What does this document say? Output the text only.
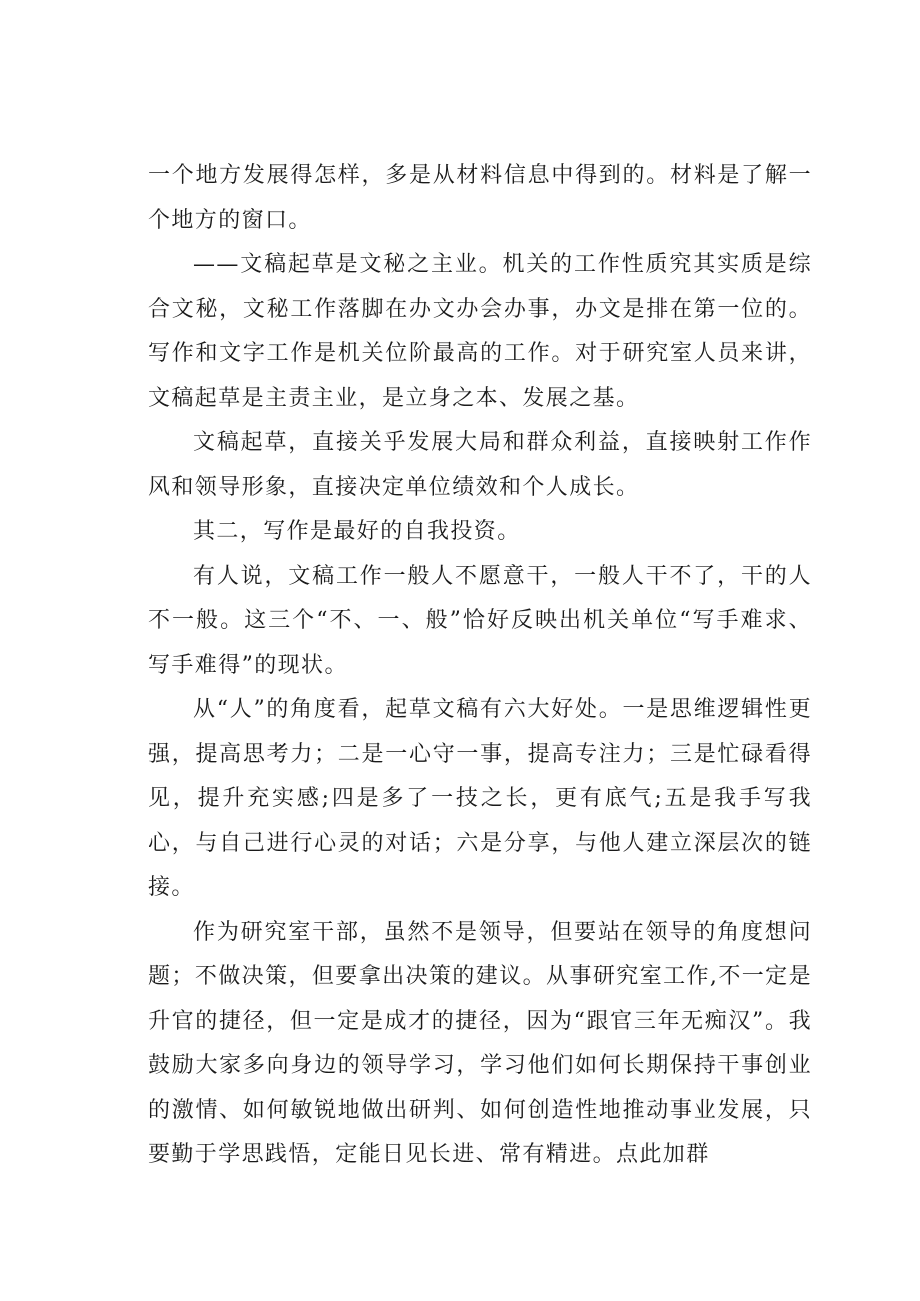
一个地方发展得怎样，多是从材料信息中得到的。材料是了解一个地方的窗口。

——文稿起草是文秘之主业。机关的工作性质究其实质是综合文秘，文秘工作落脚在办文办会办事，办文是排在第一位的。写作和文字工作是机关位阶最高的工作。对于研究室人员来讲，文稿起草是主责主业，是立身之本、发展之基。

文稿起草，直接关乎发展大局和群众利益，直接映射工作作风和领导形象，直接决定单位绩效和个人成长。

其二，写作是最好的自我投资。

有人说，文稿工作一般人不愿意干，一般人干不了，干的人不一般。这三个“不、一、般”恰好反映出机关单位“写手难求、写手难得”的现状。

从“人”的角度看，起草文稿有六大好处。一是思维逻辑性更强，提高思考力；二是一心守一事，提高专注力；三是忙碌看得见，提升充实感;四是多了一技之长，更有底气;五是我手写我心，与自己进行心灵的对话；六是分享，与他人建立深层次的链接。

作为研究室干部，虽然不是领导，但要站在领导的角度想问题；不做决策，但要拿出决策的建议。从事研究室工作,不一定是升官的捷径，但一定是成才的捷径，因为“跟官三年无痴汉”。我鼓励大家多向身边的领导学习，学习他们如何长期保持干事创业的激情、如何敏锐地做出研判、如何创造性地推动事业发展，只要勤于学思践悟，定能日见长进、常有精进。点此加群
